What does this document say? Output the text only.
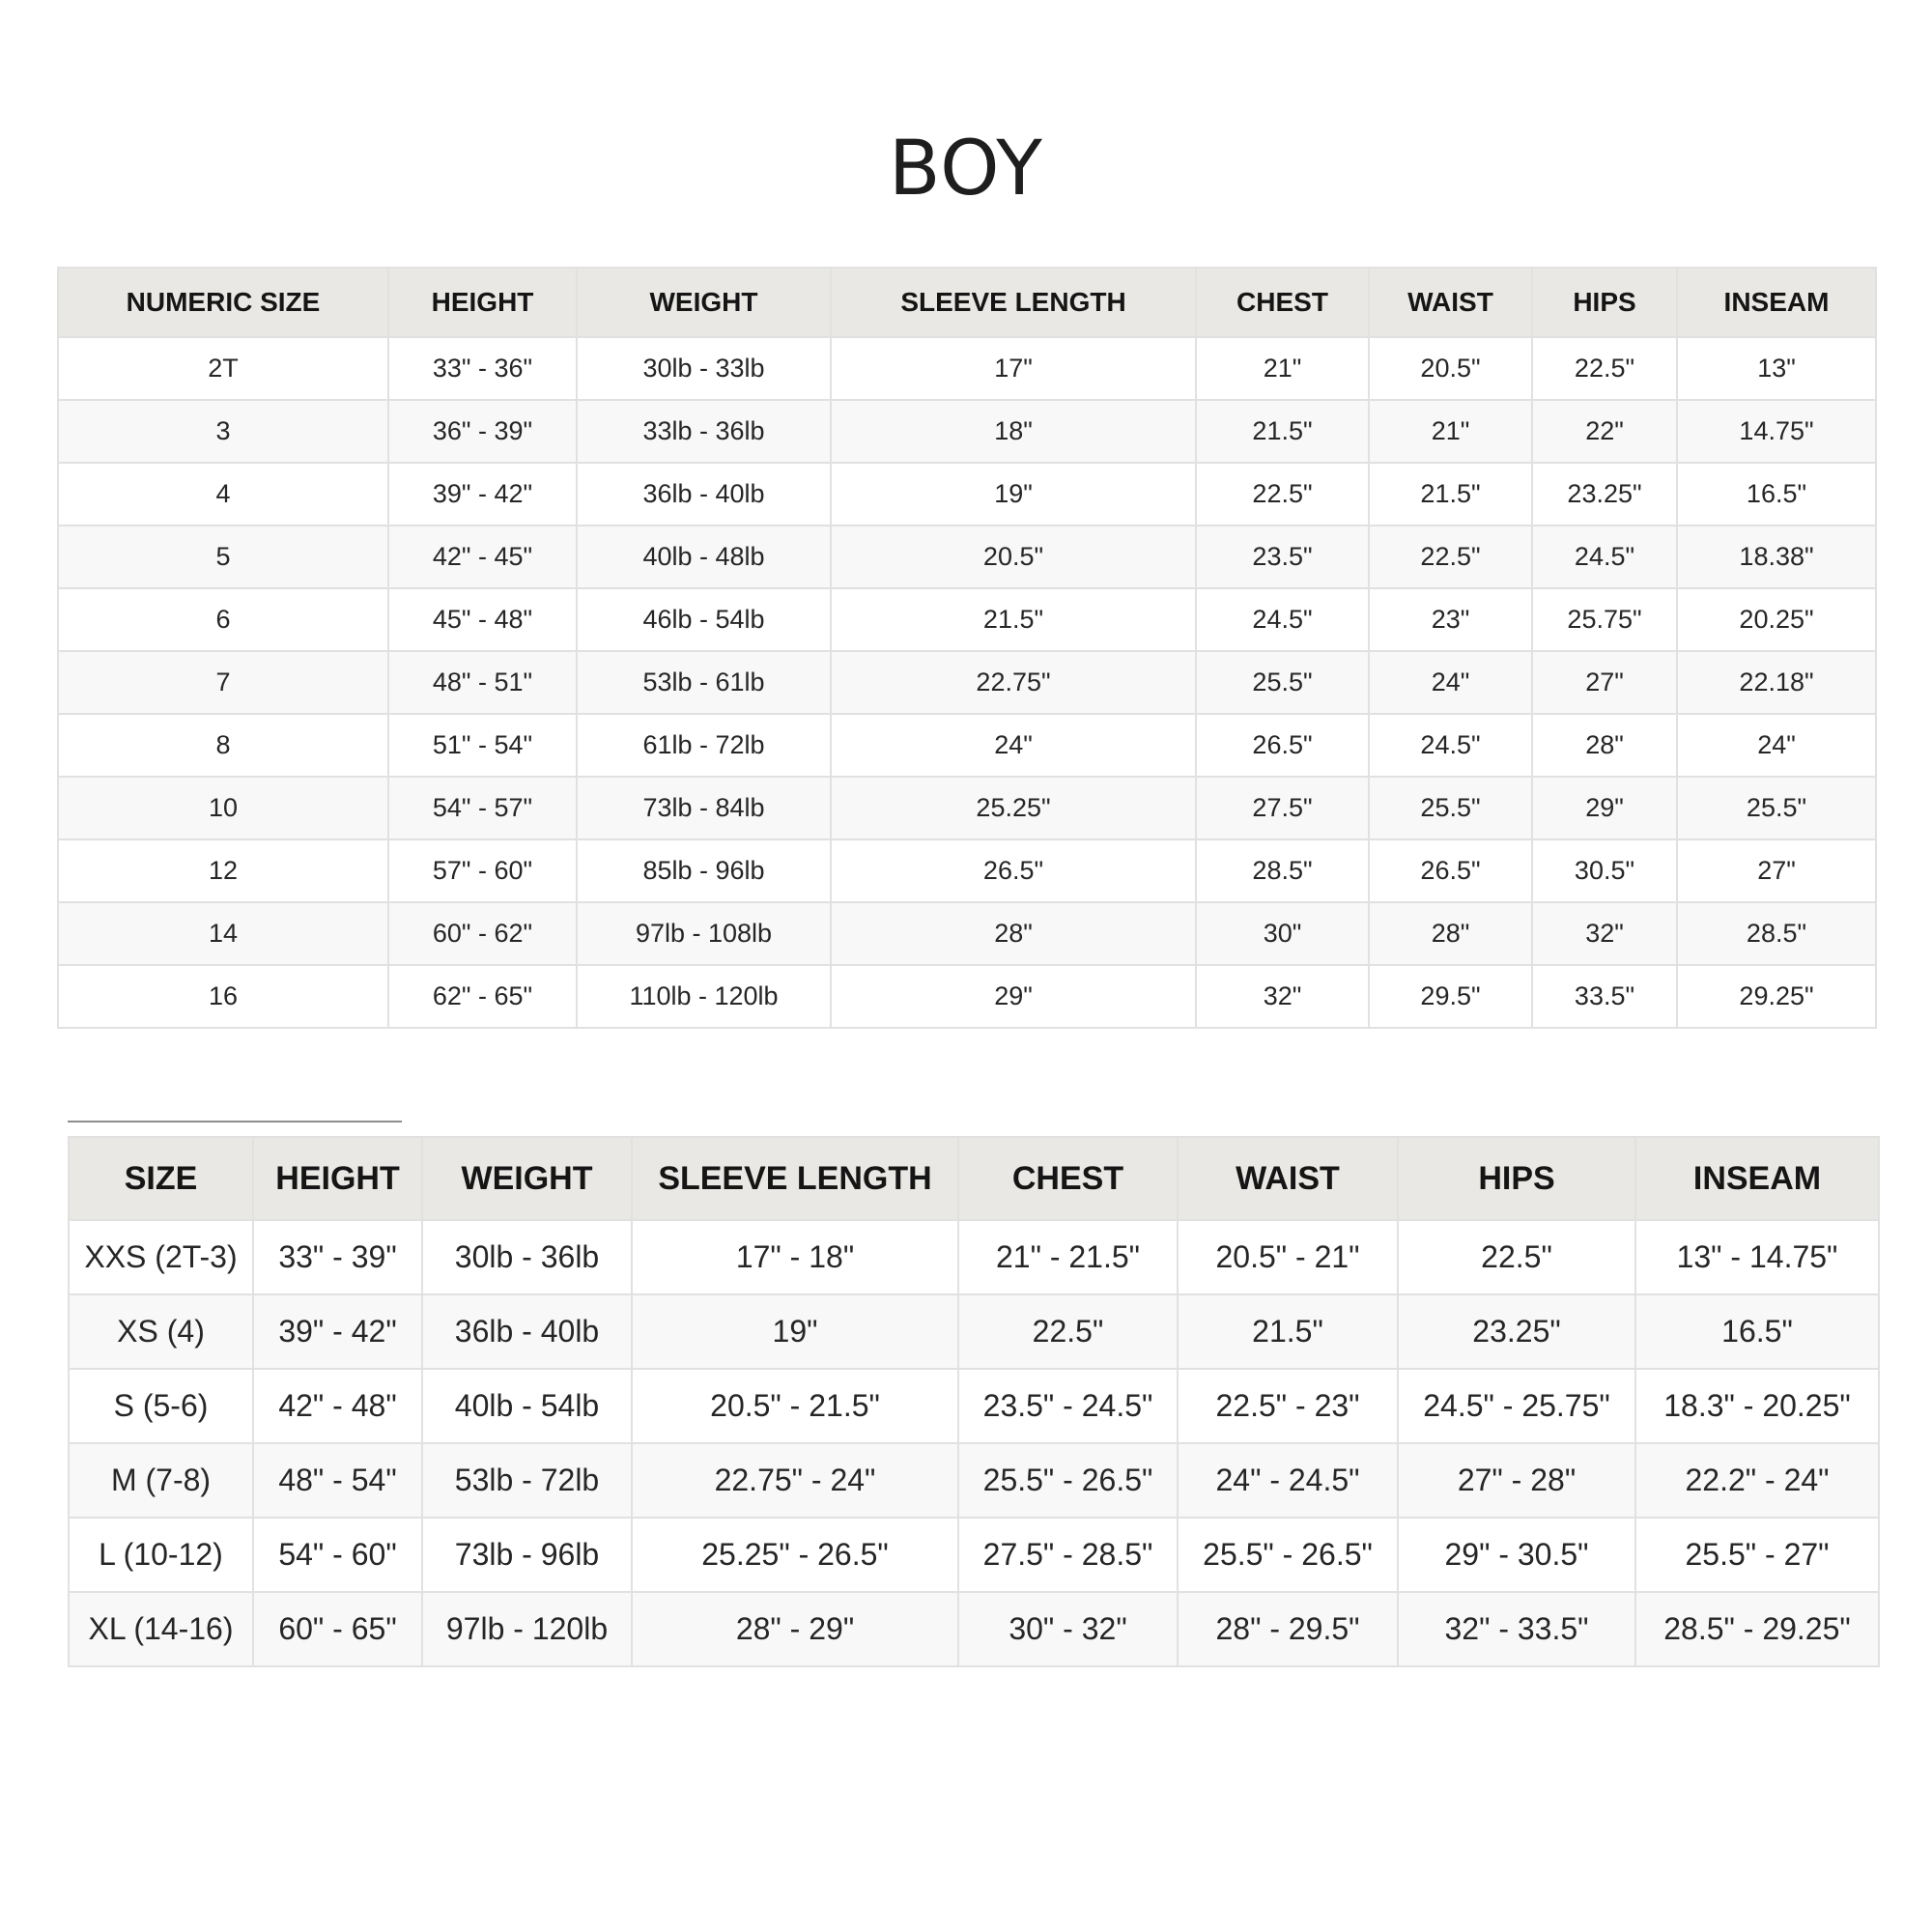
BOY
NUMERIC SIZE	HEIGHT	WEIGHT	SLEEVE LENGTH	CHEST	WAIST	HIPS	INSEAM
2T	33" - 36"	30lb - 33lb	17"	21"	20.5"	22.5"	13"
3	36" - 39"	33lb - 36lb	18"	21.5"	21"	22"	14.75"
4	39" - 42"	36lb - 40lb	19"	22.5"	21.5"	23.25"	16.5"
5	42" - 45"	40lb - 48lb	20.5"	23.5"	22.5"	24.5"	18.38"
6	45" - 48"	46lb - 54lb	21.5"	24.5"	23"	25.75"	20.25"
7	48" - 51"	53lb - 61lb	22.75"	25.5"	24"	27"	22.18"
8	51" - 54"	61lb - 72lb	24"	26.5"	24.5"	28"	24"
10	54" - 57"	73lb - 84lb	25.25"	27.5"	25.5"	29"	25.5"
12	57" - 60"	85lb - 96lb	26.5"	28.5"	26.5"	30.5"	27"
14	60" - 62"	97lb - 108lb	28"	30"	28"	32"	28.5"
16	62" - 65"	110lb - 120lb	29"	32"	29.5"	33.5"	29.25"
SIZE	HEIGHT	WEIGHT	SLEEVE LENGTH	CHEST	WAIST	HIPS	INSEAM
XXS (2T-3)	33" - 39"	30lb - 36lb	17" - 18"	21" - 21.5"	20.5" - 21"	22.5"	13" - 14.75"
XS (4)	39" - 42"	36lb - 40lb	19"	22.5"	21.5"	23.25"	16.5"
S (5-6)	42" - 48"	40lb - 54lb	20.5" - 21.5"	23.5" - 24.5"	22.5" - 23"	24.5" - 25.75"	18.3" - 20.25"
M (7-8)	48" - 54"	53lb - 72lb	22.75" - 24"	25.5" - 26.5"	24" - 24.5"	27" - 28"	22.2" - 24"
L (10-12)	54" - 60"	73lb - 96lb	25.25" - 26.5"	27.5" - 28.5"	25.5" - 26.5"	29" - 30.5"	25.5" - 27"
XL (14-16)	60" - 65"	97lb - 120lb	28" - 29"	30" - 32"	28" - 29.5"	32" - 33.5"	28.5" - 29.25"
